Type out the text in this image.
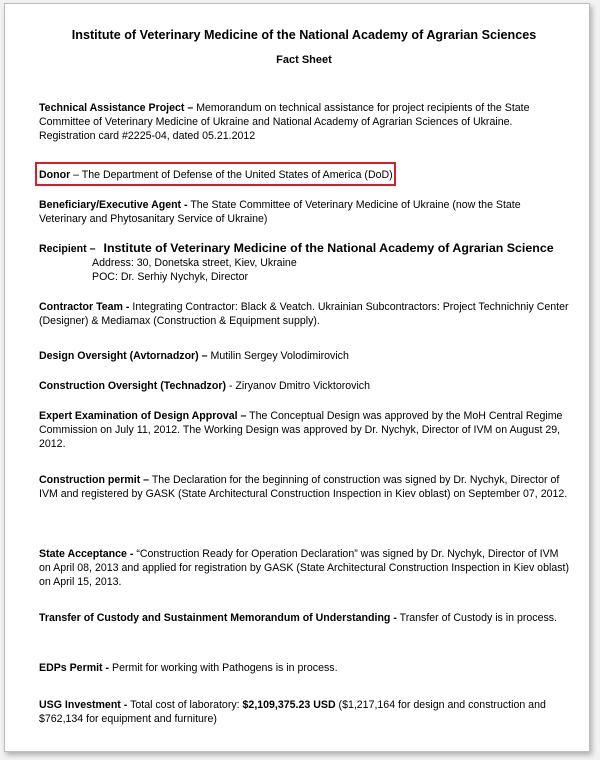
Institute of Veterinary Medicine of the National Academy of Agrarian Sciences
Fact Sheet
Technical Assistance Project – Memorandum on technical assistance for project recipients of the State Committee of Veterinary Medicine of Ukraine and National Academy of Agrarian Sciences of Ukraine. Registration card #2225-04, dated 05.21.2012
Donor – The Department of Defense of the United States of America (DoD)
Beneficiary/Executive Agent - The State Committee of Veterinary Medicine of Ukraine (now the State Veterinary and Phytosanitary Service of Ukraine)
Recipient – Institute of Veterinary Medicine of the National Academy of Agrarian Science
Address: 30, Donetska street, Kiev, Ukraine
POC: Dr. Serhiy Nychyk, Director
Contractor Team - Integrating Contractor: Black & Veatch. Ukrainian Subcontractors: Project Technichniy Center (Designer) & Mediamax (Construction & Equipment supply).
Design Oversight (Avtornadzor) – Mutilin Sergey Volodimirovich
Construction Oversight (Technadzor) - Ziryanov Dmitro Vicktorovich
Expert Examination of Design Approval – The Conceptual Design was approved by the MoH Central Regime Commission on July 11, 2012. The Working Design was approved by Dr. Nychyk, Director of IVM on August 29, 2012.
Construction permit – The Declaration for the beginning of construction was signed by Dr. Nychyk, Director of IVM and registered by GASK (State Architectural Construction Inspection in Kiev oblast) on September 07, 2012.
State Acceptance - “Construction Ready for Operation Declaration” was signed by Dr. Nychyk, Director of IVM on April 08, 2013 and applied for registration by GASK (State Architectural Construction Inspection in Kiev oblast) on April 15, 2013.
Transfer of Custody and Sustainment Memorandum of Understanding - Transfer of Custody is in process.
EDPs Permit - Permit for working with Pathogens is in process.
USG Investment - Total cost of laboratory: $2,109,375.23 USD ($1,217,164 for design and construction and $762,134 for equipment and furniture)
